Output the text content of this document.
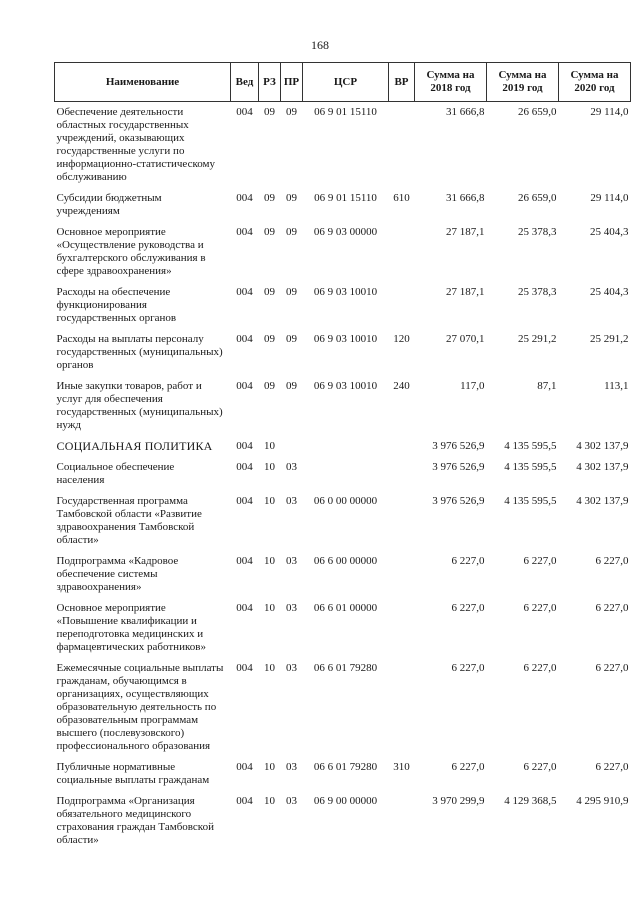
168
Наименование	Вед	РЗ	ПР	ЦСР	ВР	Сумма на 2018 год	Сумма на 2019 год	Сумма на 2020 год
Обеспечение деятельности областных государственных учреждений, оказывающих государственные услуги по информационно-статистическому обслуживанию	004	09	09	06 9 01 15110		31 666,8	26 659,0	29 114,0
Субсидии бюджетным учреждениям	004	09	09	06 9 01 15110	610	31 666,8	26 659,0	29 114,0
Основное мероприятие «Осуществление руководства и бухгалтерского обслуживания в сфере здравоохранения»	004	09	09	06 9 03 00000		27 187,1	25 378,3	25 404,3
Расходы на обеспечение функционирования государственных органов	004	09	09	06 9 03 10010		27 187,1	25 378,3	25 404,3
Расходы на выплаты персоналу государственных (муниципальных) органов	004	09	09	06 9 03 10010	120	27 070,1	25 291,2	25 291,2
Иные закупки товаров, работ и услуг для обеспечения государственных (муниципальных) нужд	004	09	09	06 9 03 10010	240	117,0	87,1	113,1
СОЦИАЛЬНАЯ ПОЛИТИКА	004	10				3 976 526,9	4 135 595,5	4 302 137,9
Социальное обеспечение населения	004	10	03			3 976 526,9	4 135 595,5	4 302 137,9
Государственная программа Тамбовской области «Развитие здравоохранения Тамбовской области»	004	10	03	06 0 00 00000		3 976 526,9	4 135 595,5	4 302 137,9
Подпрограмма «Кадровое обеспечение системы здравоохранения»	004	10	03	06 6 00 00000		6 227,0	6 227,0	6 227,0
Основное мероприятие «Повышение квалификации и переподготовка медицинских и фармацевтических работников»	004	10	03	06 6 01 00000		6 227,0	6 227,0	6 227,0
Ежемесячные социальные выплаты гражданам, обучающимся в организациях, осуществляющих образовательную деятельность по образовательным программам высшего (послевузовского) профессионального образования	004	10	03	06 6 01 79280		6 227,0	6 227,0	6 227,0
Публичные нормативные социальные выплаты гражданам	004	10	03	06 6 01 79280	310	6 227,0	6 227,0	6 227,0
Подпрограмма «Организация обязательного медицинского страхования граждан Тамбовской области»	004	10	03	06 9 00 00000		3 970 299,9	4 129 368,5	4 295 910,9
